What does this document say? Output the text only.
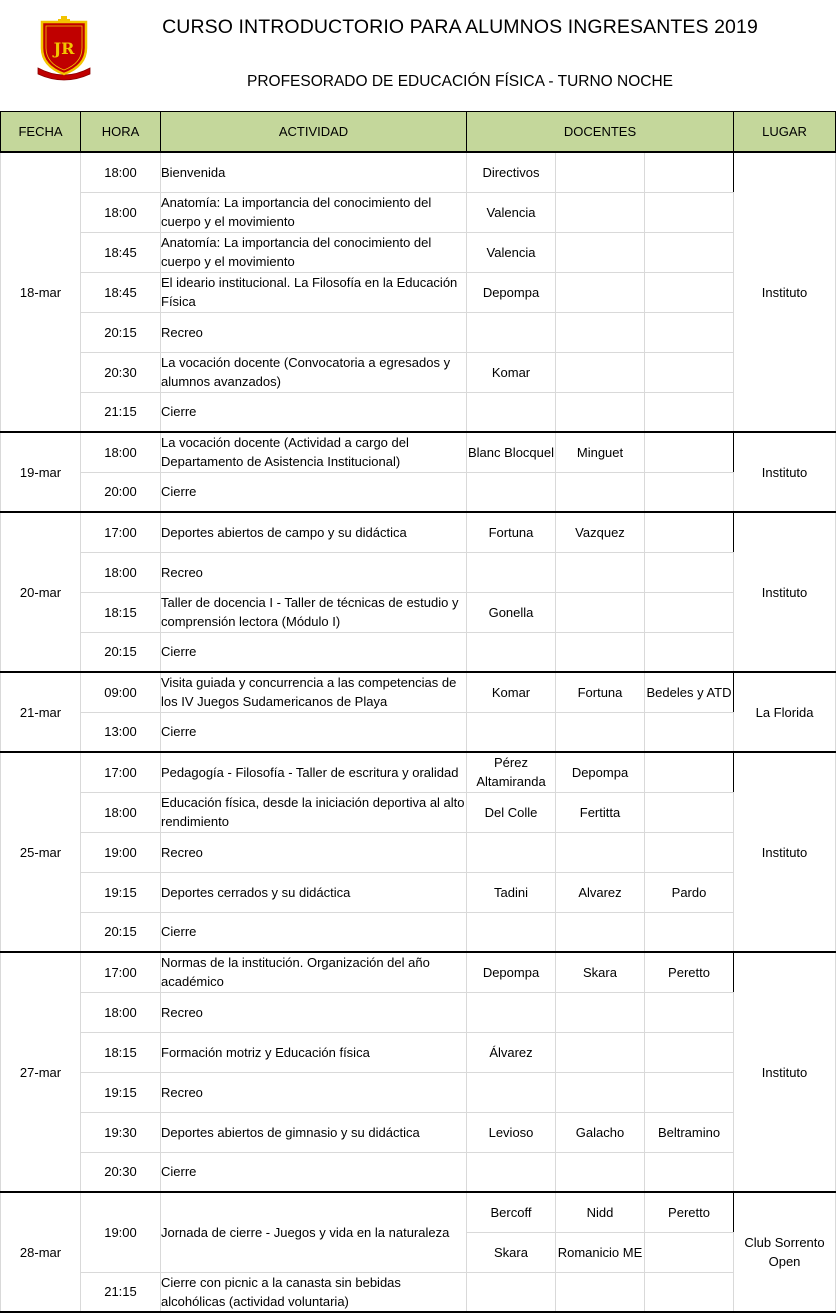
JR
CURSO INTRODUCTORIO PARA ALUMNOS INGRESANTES 2019
PROFESORADO DE EDUCACIÓN FÍSICA - TURNO NOCHE
FECHA	HORA	ACTIVIDAD	DOCENTES			LUGAR
18-mar	18:00	Bienvenida	Directivos			Instituto
	18:00	Anatomía: La importancia del conocimiento del cuerpo y el movimiento	Valencia			
	18:45	Anatomía: La importancia del conocimiento del cuerpo y el movimiento	Valencia			
	18:45	El ideario institucional. La Filosofía en la Educación Física	Depompa			
	20:15	Recreo				
	20:30	La vocación docente (Convocatoria a egresados y alumnos avanzados)	Komar			
	21:15	Cierre				
19-mar	18:00	La vocación docente (Actividad a cargo del Departamento de Asistencia Institucional)	Blanc Blocquel	Minguet		Instituto
	20:00	Cierre				
20-mar	17:00	Deportes abiertos de campo y su didáctica	Fortuna	Vazquez		Instituto
	18:00	Recreo				
	18:15	Taller de docencia I - Taller de técnicas de estudio y comprensión lectora (Módulo I)	Gonella			
	20:15	Cierre				
21-mar	09:00	Visita guiada y concurrencia a las competencias de los IV Juegos Sudamericanos de Playa	Komar	Fortuna	Bedeles y ATD	La Florida
	13:00	Cierre				
25-mar	17:00	Pedagogía - Filosofía - Taller de escritura y oralidad	Pérez Altamiranda	Depompa		Instituto
	18:00	Educación física, desde la iniciación deportiva al alto rendimiento	Del Colle	Fertitta		
	19:00	Recreo				
	19:15	Deportes cerrados y su didáctica	Tadini	Alvarez	Pardo	
	20:15	Cierre				
27-mar	17:00	Normas de la institución. Organización del año académico	Depompa	Skara	Peretto	Instituto
	18:00	Recreo				
	18:15	Formación motriz y Educación física	Álvarez			
	19:15	Recreo				
	19:30	Deportes abiertos de gimnasio y su didáctica	Levioso	Galacho	Beltramino	
	20:30	Cierre				
28-mar	19:00	Jornada de cierre - Juegos y vida en la naturaleza	Bercoff	Nidd	Peretto	Club Sorrento Open
			Skara	Romanicio ME		
	21:15	Cierre con picnic a la canasta sin bebidas alcohólicas (actividad voluntaria)				
